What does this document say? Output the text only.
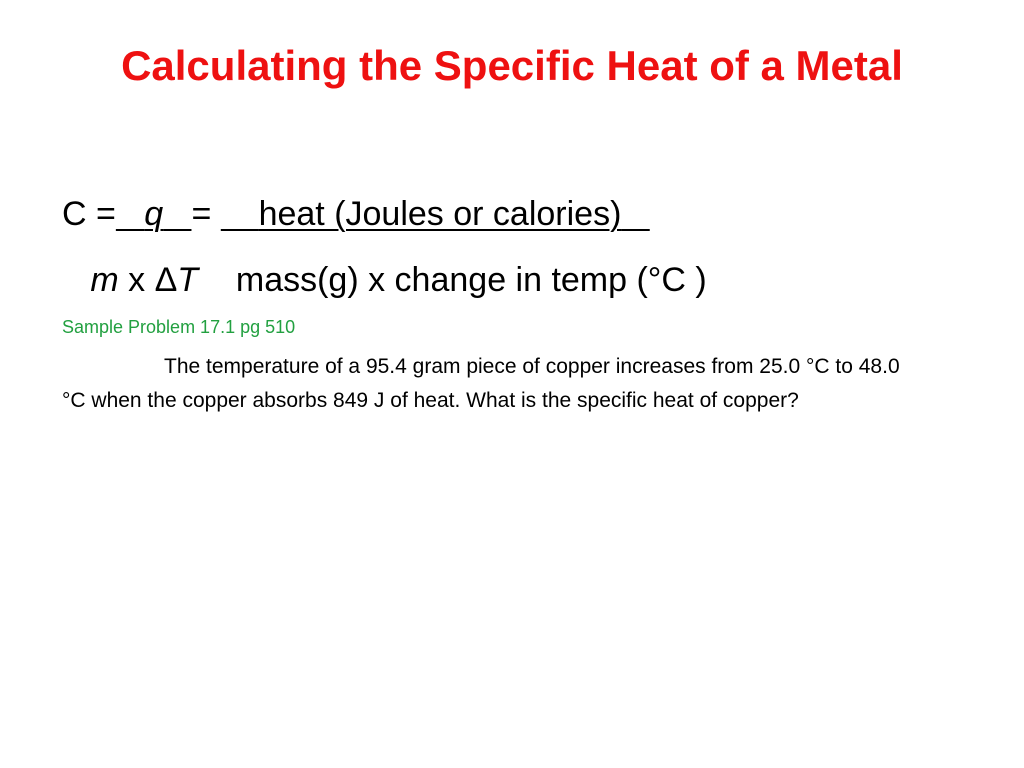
Calculating the Specific Heat of a Metal
C = q = heat (Joules or calories)
m x ΔT mass(g) x change in temp (°C )
Sample Problem 17.1 pg 510

The temperature of a 95.4 gram piece of copper increases from 25.0 °C to 48.0 °C when the copper absorbs 849 J of heat. What is the specific heat of copper?
